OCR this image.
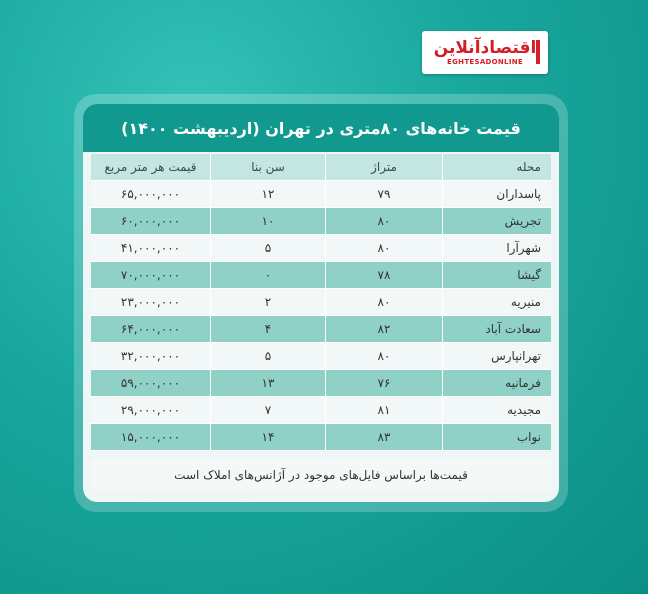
اقتصادآنلاین
EGHTESADONLINE
قیمت خانه‌های ۸۰متری در تهران (اردیبهشت ۱۴۰۰)
محله
متراژ
سن بنا
قیمت هر متر مربع
پاسداران
۷۹
۱۲
۶۵,۰۰۰,۰۰۰
تجریش
۸۰
۱۰
۶۰,۰۰۰,۰۰۰
شهرآرا
۸۰
۵
۴۱,۰۰۰,۰۰۰
گیشا
۷۸
۰
۷۰,۰۰۰,۰۰۰
منیریه
۸۰
۲
۲۳,۰۰۰,۰۰۰
سعادت آباد
۸۲
۴
۶۴,۰۰۰,۰۰۰
تهرانپارس
۸۰
۵
۳۲,۰۰۰,۰۰۰
فرمانیه
۷۶
۱۳
۵۹,۰۰۰,۰۰۰
مجیدیه
۸۱
۷
۲۹,۰۰۰,۰۰۰
نواب
۸۳
۱۴
۱۵,۰۰۰,۰۰۰
قیمت‌ها براساس فایل‌های موجود در آژانس‌های املاک است
